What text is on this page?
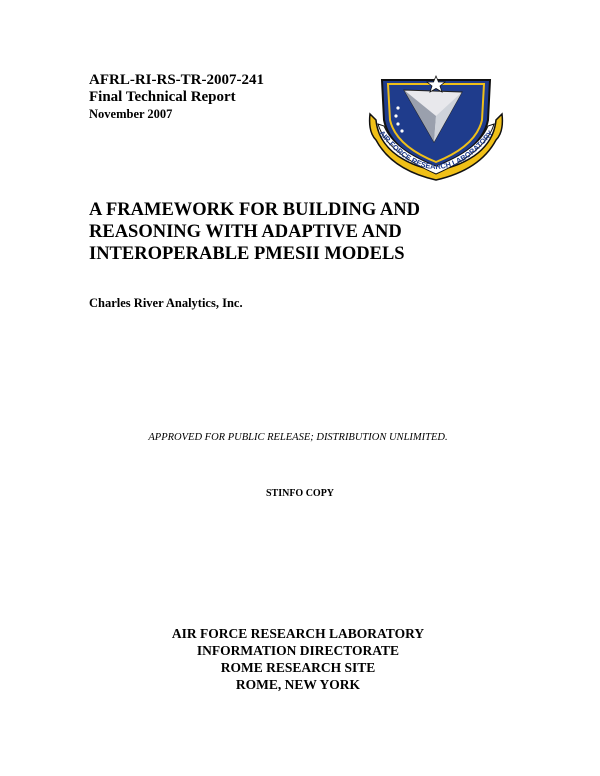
AFRL-RI-RS-TR-2007-241
Final Technical Report
November 2007
AIR FORCE RESEARCH LABORATORY
A FRAMEWORK FOR BUILDING AND
REASONING WITH ADAPTIVE AND
INTEROPERABLE PMESII MODELS
Charles River Analytics, Inc.
APPROVED FOR PUBLIC RELEASE; DISTRIBUTION UNLIMITED.
STINFO COPY
AIR FORCE RESEARCH LABORATORY
INFORMATION DIRECTORATE
ROME RESEARCH SITE
ROME, NEW YORK
